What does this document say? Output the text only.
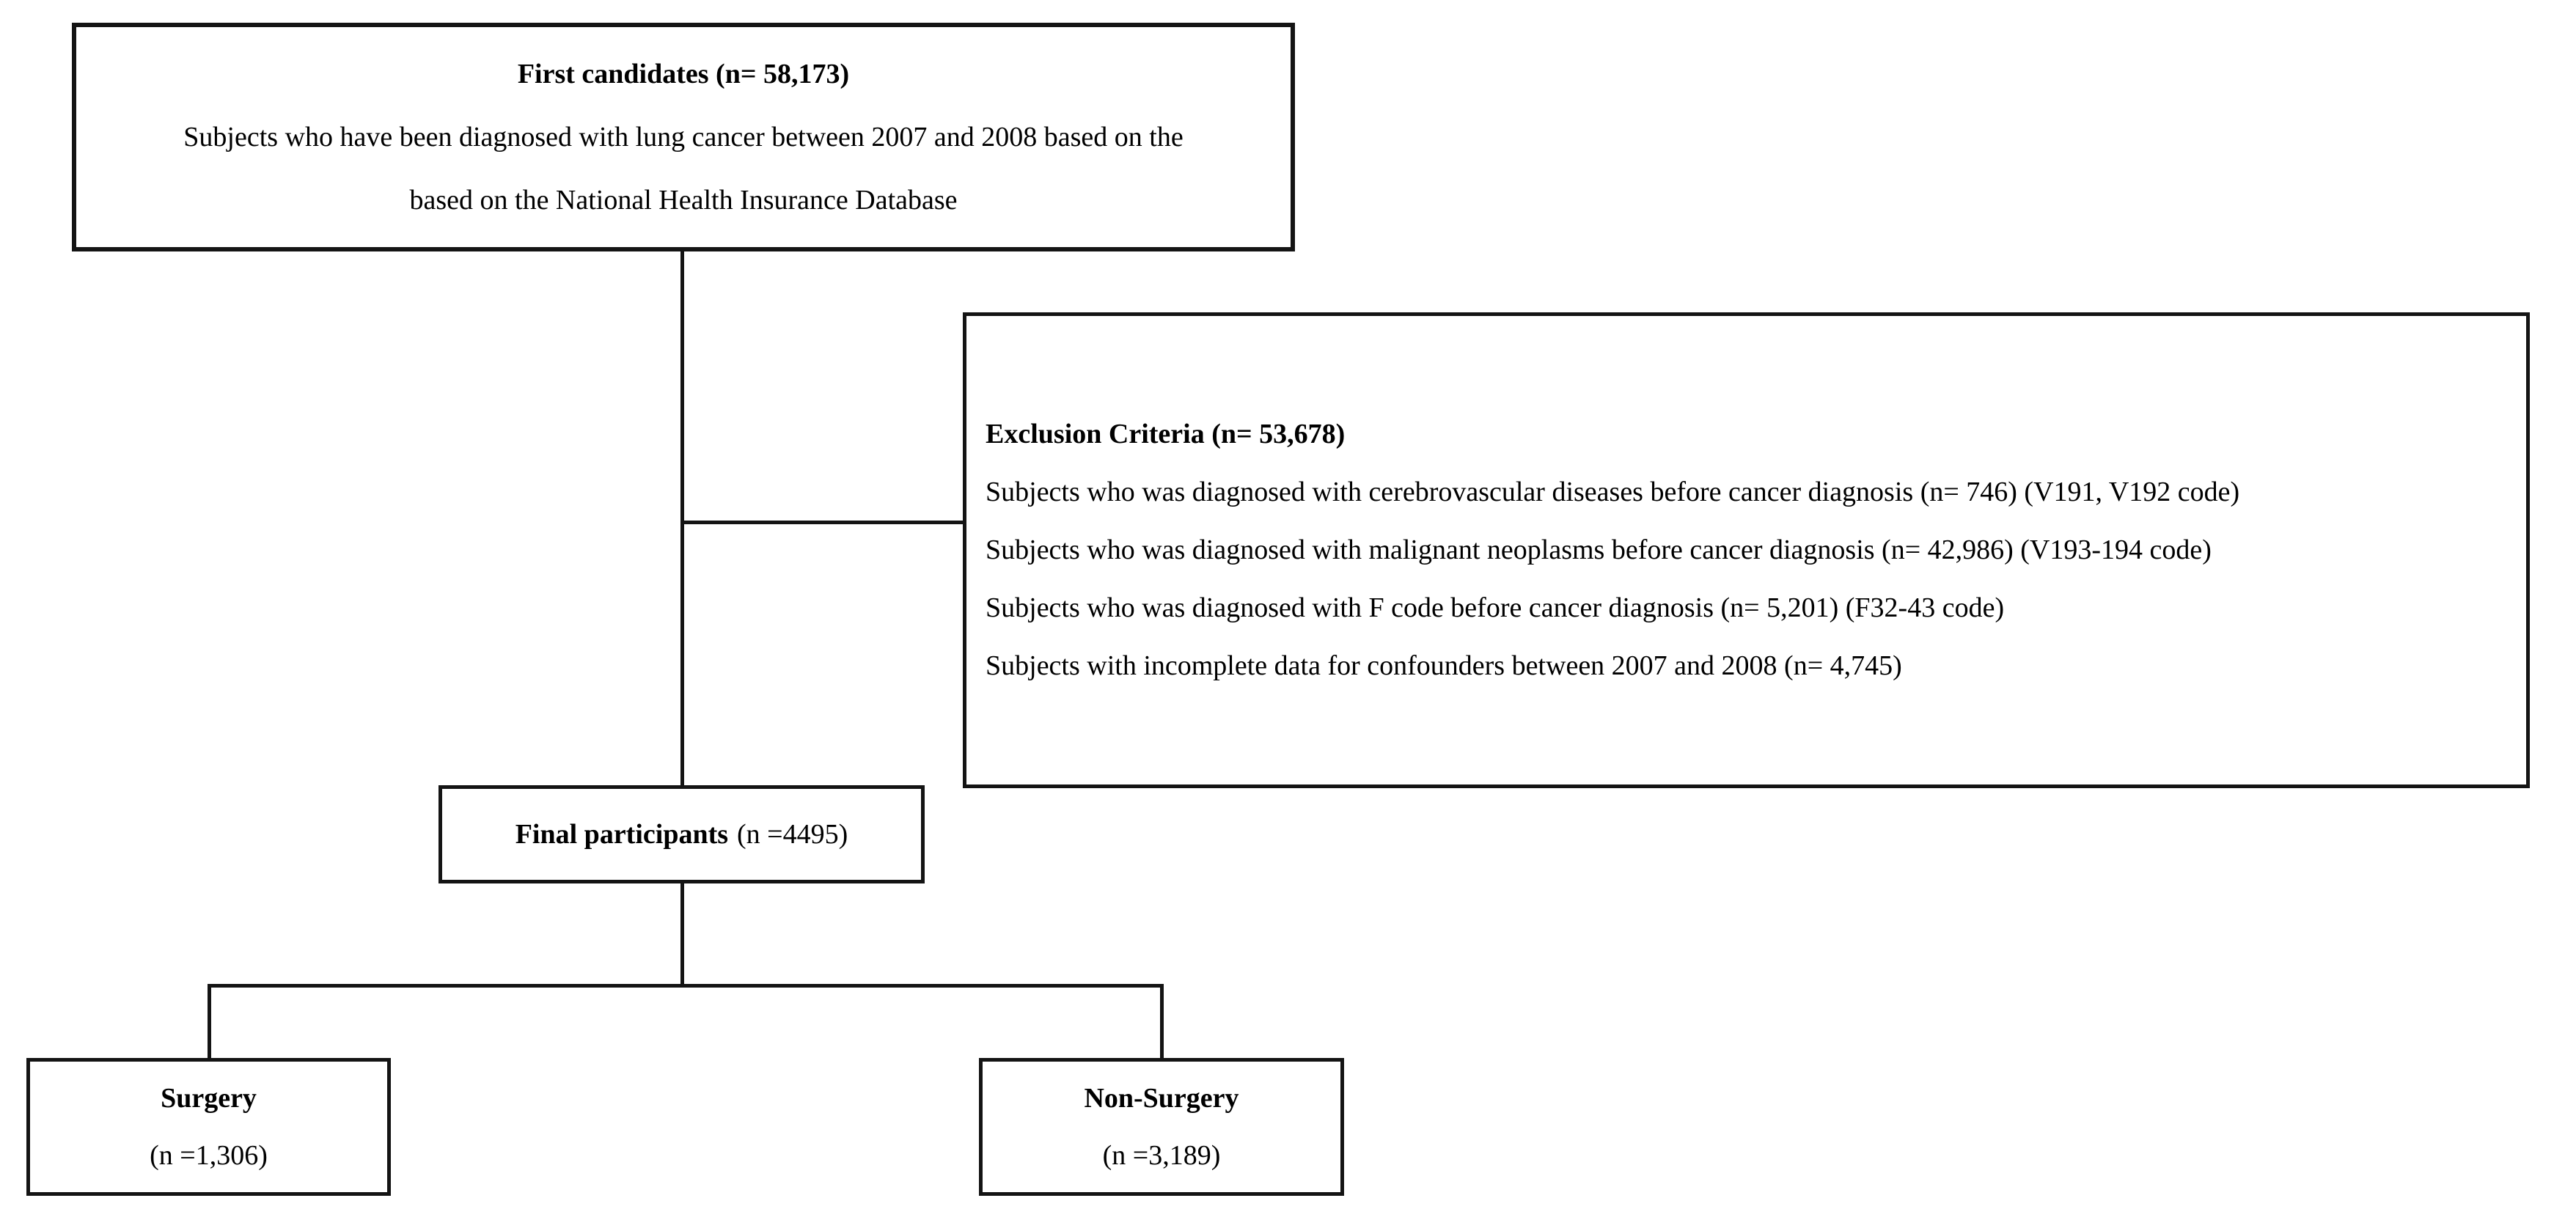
First candidates (n= 58,173)
Subjects who have been diagnosed with lung cancer between 2007 and 2008 based on the
based on the National Health Insurance Database
Exclusion Criteria (n= 53,678)
Subjects who was diagnosed with cerebrovascular diseases before cancer diagnosis (n= 746) (V191, V192 code)
Subjects who was diagnosed with malignant neoplasms before cancer diagnosis (n= 42,986) (V193-194 code)
Subjects who was diagnosed with F code before cancer diagnosis (n= 5,201) (F32-43 code)
Subjects with incomplete data for confounders between 2007 and 2008 (n= 4,745)
Final participants (n =4495)
Surgery
(n =1,306)
Non-Surgery
(n =3,189)
